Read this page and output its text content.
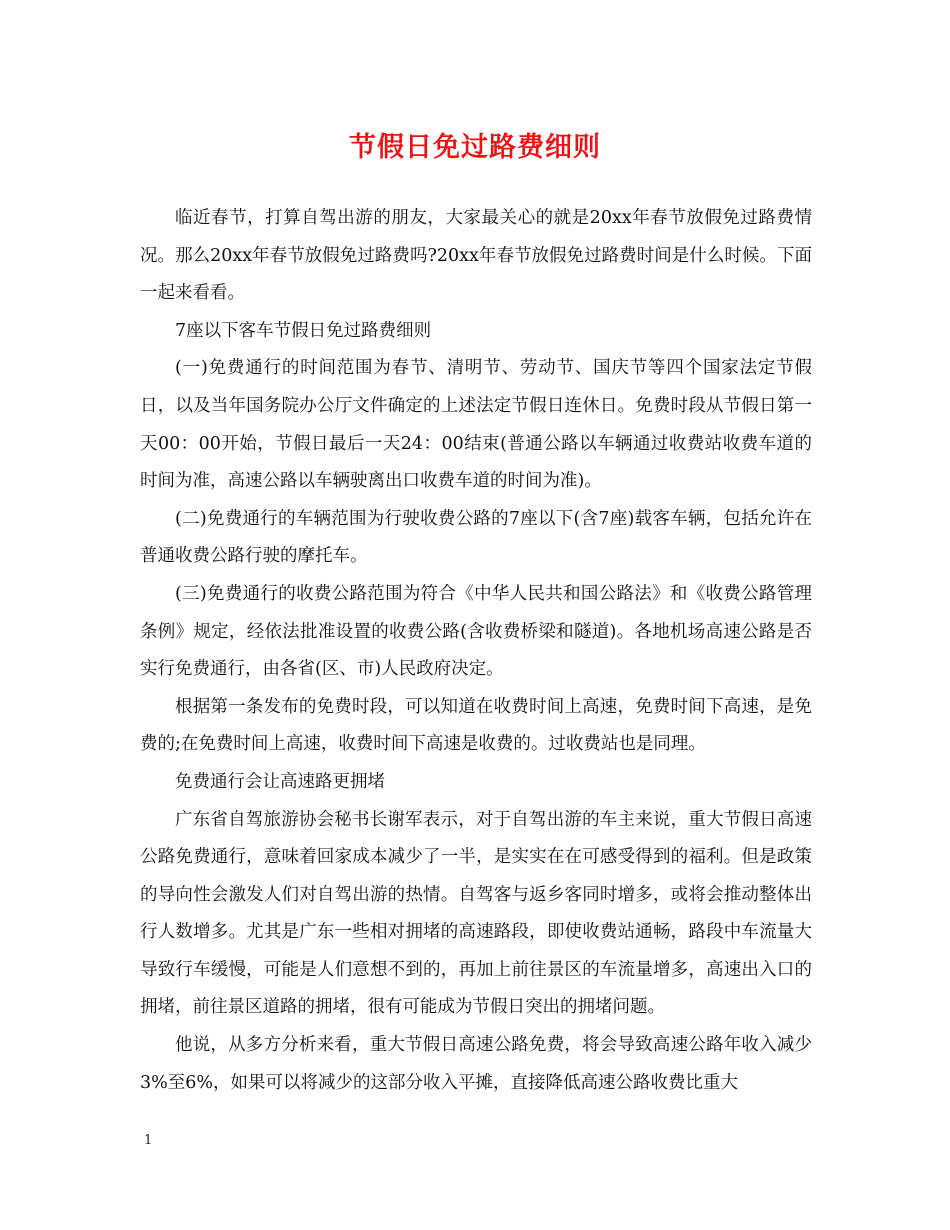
节假日免过路费细则

临近春节，打算自驾出游的朋友，大家最关心的就是20xx年春节放假免过路费情况。那么20xx年春节放假免过路费吗?20xx年春节放假免过路费时间是什么时候。下面一起来看看。

7座以下客车节假日免过路费细则

(一)免费通行的时间范围为春节、清明节、劳动节、国庆节等四个国家法定节假日，以及当年国务院办公厅文件确定的上述法定节假日连休日。免费时段从节假日第一天00：00开始，节假日最后一天24：00结束(普通公路以车辆通过收费站收费车道的时间为准，高速公路以车辆驶离出口收费车道的时间为准)。

(二)免费通行的车辆范围为行驶收费公路的7座以下(含7座)载客车辆，包括允许在普通收费公路行驶的摩托车。

(三)免费通行的收费公路范围为符合《中华人民共和国公路法》和《收费公路管理条例》规定，经依法批准设置的收费公路(含收费桥梁和隧道)。各地机场高速公路是否实行免费通行，由各省(区、市)人民政府决定。

根据第一条发布的免费时段，可以知道在收费时间上高速，免费时间下高速，是免费的;在免费时间上高速，收费时间下高速是收费的。过收费站也是同理。

免费通行会让高速路更拥堵

广东省自驾旅游协会秘书长谢军表示，对于自驾出游的车主来说，重大节假日高速公路免费通行，意味着回家成本减少了一半，是实实在在可感受得到的福利。但是政策的导向性会激发人们对自驾出游的热情。自驾客与返乡客同时增多，或将会推动整体出行人数增多。尤其是广东一些相对拥堵的高速路段，即使收费站通畅，路段中车流量大导致行车缓慢，可能是人们意想不到的，再加上前往景区的车流量增多，高速出入口的拥堵，前往景区道路的拥堵，很有可能成为节假日突出的拥堵问题。

他说，从多方分析来看，重大节假日高速公路免费，将会导致高速公路年收入减少3%至6%，如果可以将减少的这部分收入平摊，直接降低高速公路收费比重大

1
